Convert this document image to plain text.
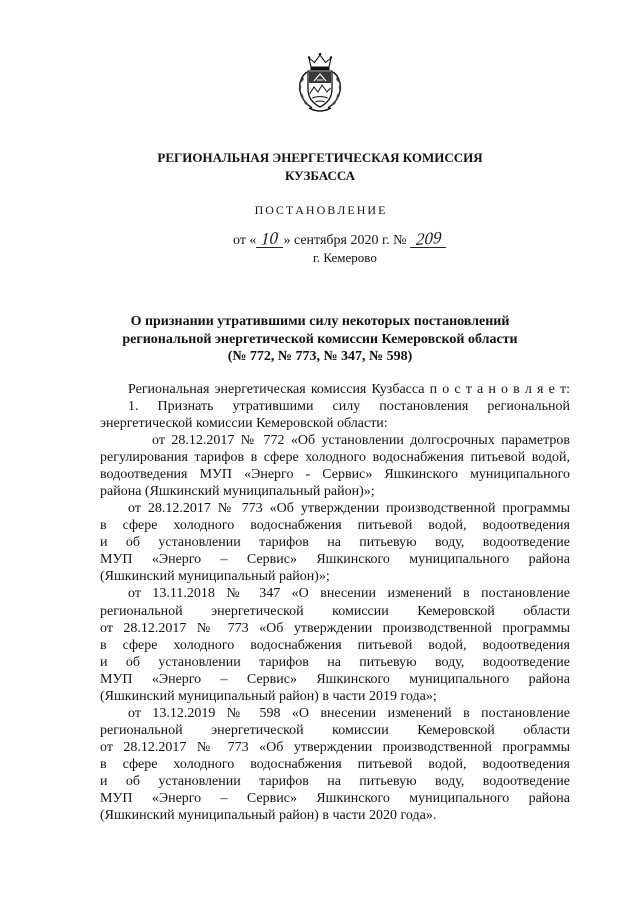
РЕГИОНАЛЬНАЯ ЭНЕРГЕТИЧЕСКАЯ КОМИССИЯ
КУЗБАССА
П О С Т А Н О В Л Е Н И Е
от « 10 » сентября 2020 г. № 209
г. Кемерово
О признании утратившими силу некоторых постановлений
региональной энергетической комиссии Кемеровской области
(№ 772, № 773, № 347, № 598)
Региональная энергетическая комиссия Кузбасса п о с т а н о в л я е т:
1. Признать утратившими силу постановления региональной
энергетической комиссии Кемеровской области:
от 28.12.2017 № 772 «Об установлении долгосрочных параметров
регулирования тарифов в сфере холодного водоснабжения питьевой водой,
водоотведения МУП «Энерго - Сервис» Яшкинского муниципального
района (Яшкинский муниципальный район)»;
от 28.12.2017 № 773 «Об утверждении производственной программы
в сфере холодного водоснабжения питьевой водой, водоотведения
и об установлении тарифов на питьевую воду, водоотведение
МУП «Энерго – Сервис» Яшкинского муниципального района
(Яшкинский муниципальный район)»;
от 13.11.2018 № 347 «О внесении изменений в постановление
региональной энергетической комиссии Кемеровской области
от 28.12.2017 № 773 «Об утверждении производственной программы
в сфере холодного водоснабжения питьевой водой, водоотведения
и об установлении тарифов на питьевую воду, водоотведение
МУП «Энерго – Сервис» Яшкинского муниципального района
(Яшкинский муниципальный район) в части 2019 года»;
от 13.12.2019 № 598 «О внесении изменений в постановление
региональной энергетической комиссии Кемеровской области
от 28.12.2017 № 773 «Об утверждении производственной программы
в сфере холодного водоснабжения питьевой водой, водоотведения
и об установлении тарифов на питьевую воду, водоотведение
МУП «Энерго – Сервис» Яшкинского муниципального района
(Яшкинский муниципальный район) в части 2020 года».
